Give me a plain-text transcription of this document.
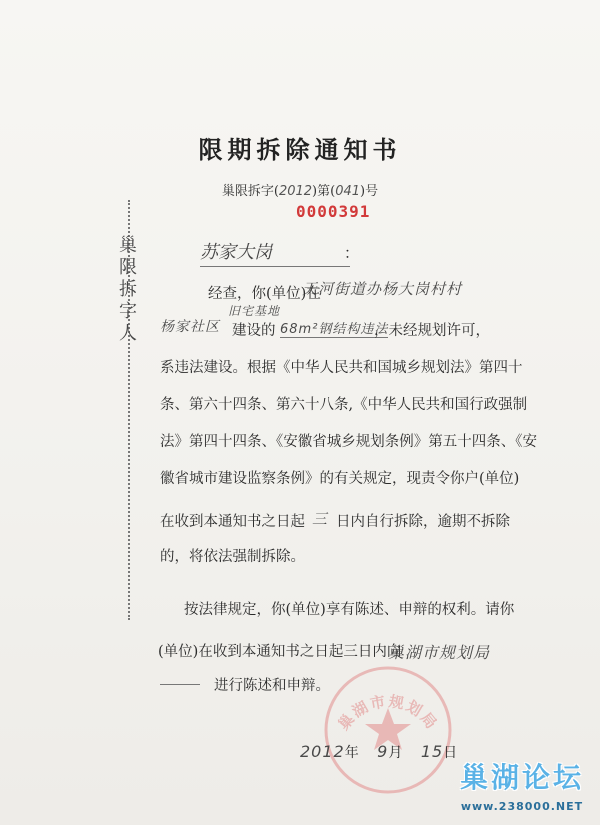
巢限拆字人
限期拆除通知书
巢限拆字(2012)第(041)号
0000391
苏家大岗	：
经查，你(单位)在
天河街道办杨大岗村村
杨家社区
旧宅基地
建设的 68m²钢结构违法
，未经规划许可，
系违法建设。根据《中华人民共和国城乡规划法》第四十
条、第六十四条、第六十八条,《中华人民共和国行政强制
法》第四十四条、《安徽省城乡规划条例》第五十四条、《安
徽省城市建设监察条例》的有关规定，现责令你户(单位)
在收到本通知书之日起 三 日内自行拆除，逾期不拆除
的，将依法强制拆除。
按法律规定，你(单位)享有陈述、申辩的权利。请你
(单位)在收到本通知书之日起三日内向
巢湖市规划局
进行陈述和申辩。
巢湖市规划局
2012年 9月 15日
巢湖论坛
www.238000.NET
